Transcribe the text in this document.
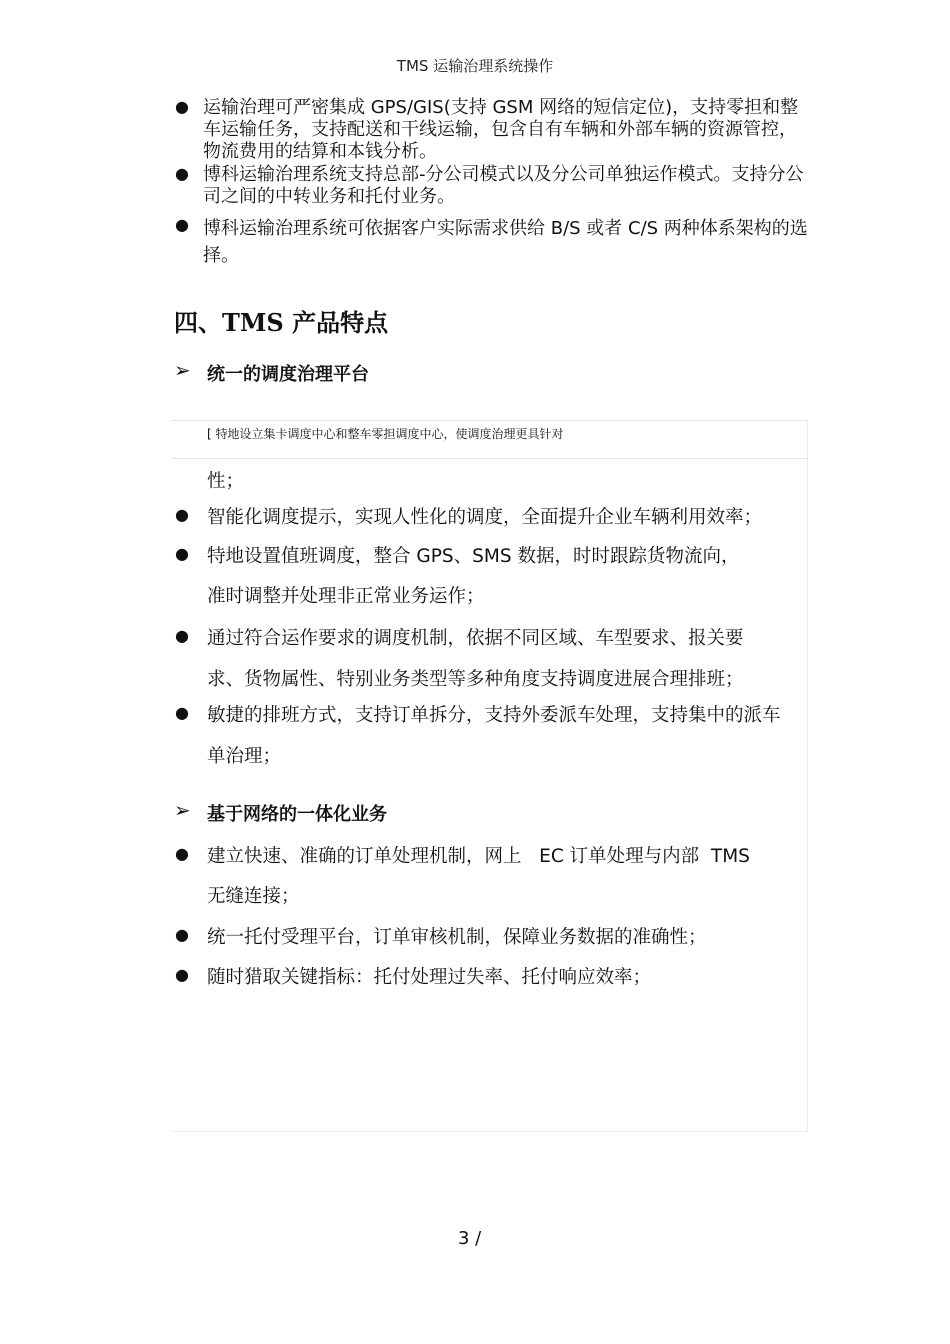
TMS 运输治理系统操作
● 运输治理可严密集成 GPS/GIS(支持 GSM 网络的短信定位)，支持零担和整车运输任务，支持配送和干线运输，包含自有车辆和外部车辆的资源管控，物流费用的结算和本钱分析。
● 博科运输治理系统支持总部-分公司模式以及分公司单独运作模式。支持分公司之间的中转业务和托付业务。
● 博科运输治理系统可依据客户实际需求供给 B/S 或者 C/S 两种体系架构的选择。
四、TMS 产品特点
➢ 统一的调度治理平台
[ 特地设立集卡调度中心和整车零担调度中心，使调度治理更具针对
性；
● 智能化调度提示，实现人性化的调度，全面提升企业车辆利用效率；
● 特地设置值班调度，整合 GPS、SMS 数据，时时跟踪货物流向，
准时调整并处理非正常业务运作；
● 通过符合运作要求的调度机制，依据不同区域、车型要求、报关要
求、货物属性、特别业务类型等多种角度支持调度进展合理排班；
● 敏捷的排班方式，支持订单拆分，支持外委派车处理，支持集中的派车
单治理；
➢ 基于网络的一体化业务
● 建立快速、准确的订单处理机制，网上   EC 订单处理与内部  TMS
无缝连接；
● 统一托付受理平台，订单审核机制，保障业务数据的准确性；
● 随时猎取关键指标：托付处理过失率、托付响应效率；
3 /
